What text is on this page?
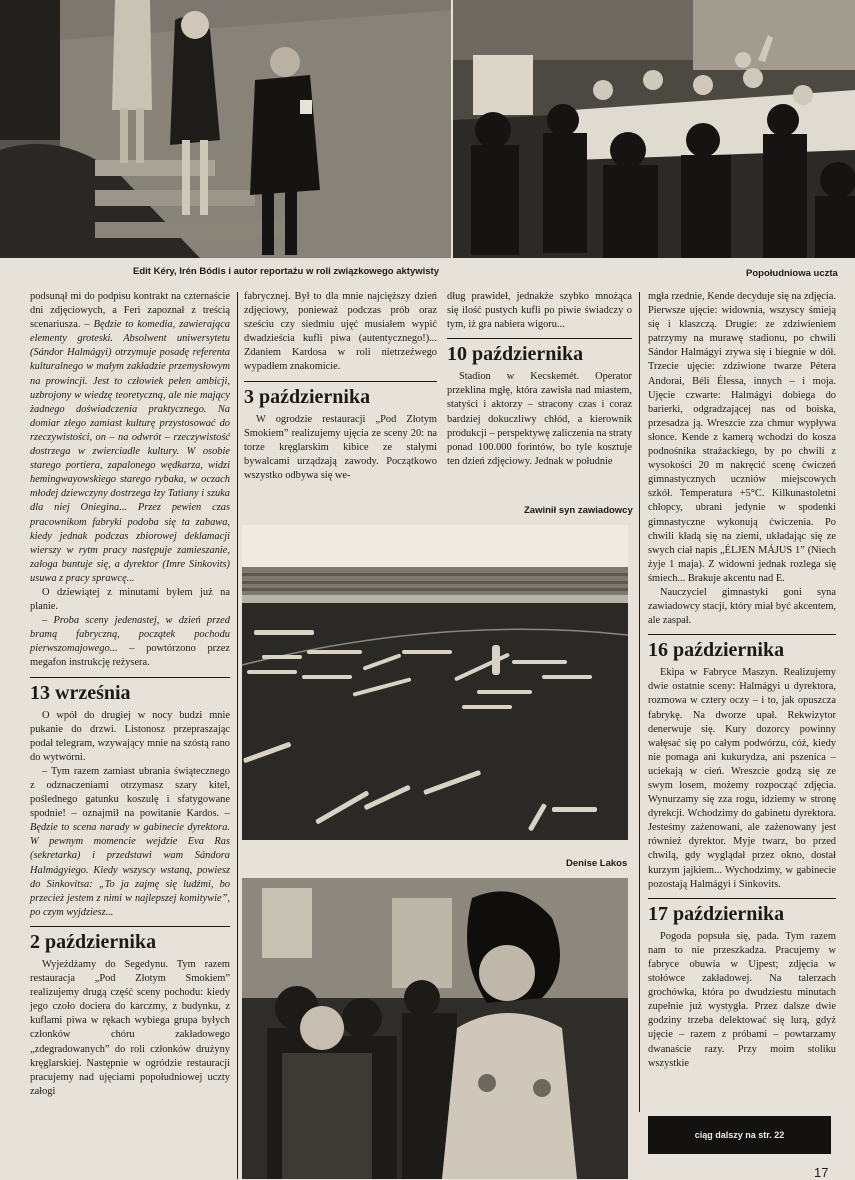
Edit Kéry, Irén Bódis i autor reportażu w roli związkowego aktywisty	Popołudniowa uczta
Zawinił syn zawiadowcy
Denise Lakos

podsunął mi do podpisu kontrakt na czternaście dni zdjęciowych, a Feri zapoznał z treścią scenariusza. – Będzie to komedia, zawierająca elementy groteski. Absolwent uniwersytetu (Sándor Halmágyi) otrzymuje posadę referenta kulturalnego w małym zakładzie przemysłowym na prowincji. Jest to człowiek pełen ambicji, uzbrojony w wiedzę teoretyczną, ale nie mający żadnego doświadczenia praktycznego. Na domiar złego zamiast kulturę przystosować do rzeczywistości, on – na odwrót – rzeczywistość dostrzega w zwierciadle kultury. W osobie starego portiera, zapalonego wędkarza, widzi hemingwayowskiego starego rybaka, w oczach młodej dziewczyny dostrzega łzy Tatiany i szuka dla niej Oniegina... Przez pewien czas pracownikom fabryki podoba się ta zabawa, kiedy jednak podczas zbiorowej deklamacji wierszy w rytm pracy następuje zamieszanie, załoga buntuje się, a dyrektor (Imre Sinkovits) usuwa z pracy sprawcę...

O dziewiątej z minutami byłem już na planie.

– Proba sceny jedenastej, w dzień przed bramą fabryczną, początek pochodu pierwszomajowego... – powtórzono przez megafon instrukcję reżysera.

13 września

O wpół do drugiej w nocy budzi mnie pukanie do drzwi. Listonosz przepraszając podał telegram, wzywający mnie na szóstą rano do wytwórni.

– Tym razem zamiast ubrania świątecznego z odznaczeniami otrzymasz szary kitel, poślednego gatunku koszulę i sfatygowane spodnie! – oznajmił na powitanie Kardos. – Będzie to scena narady w gabinecie dyrektora. W pewnym momencie wejdzie Eva Ras (sekretarka) i przedstawi wam Sándora Halmágyiego. Kiedy wszyscy wstaną, powiesz do Sinkovitsa: „To ja zajmę się ludźmi, bo przecież jestem z nimi w najlepszej komitywie”, po czym wyjdziesz...

2 października

Wyjeżdżamy do Segedynu. Tym razem restauracja „Pod Złotym Smokiem” realizujemy drugą część sceny pochodu: kiedy jego czoło dociera do karczmy, z budynku, z kuflami piwa w rękach wybiega grupa byłych członków chóru zakładowego „zdegradowanych” do roli członków drużyny kręglarskiej. Następnie w ogródzie restauracji pracujemy nad ujęciami popołudniowej uczty załogi

fabrycznej. Był to dla mnie najcięższy dzień zdjęciowy, ponieważ podczas prób oraz sześciu czy siedmiu ujęć musiałem wypić dwadzieścia kufli piwa (autentycznego!)... Zdaniem Kardosa w roli nietrzeźwego wypadłem znakomicie.

3 października

W ogrodzie restauracji „Pod Złotym Smokiem” realizujemy ujęcia ze sceny 20: na torze kręglarskim kibice ze stałymi bywalcami urządzają zawody. Początkowo wszystko odbywa się we-

dług prawideł, jednakże szybko mnożąca się ilość pustych kufli po piwie świadczy o tym, iż gra nabiera wigoru...

10 października

Stadion w Kecskemét. Operator przeklina mgłę, która zawisła nad miastem, statyści i aktorzy – stracony czas i coraz bardziej dokuczliwy chłód, a kierownik produkcji – perspektywę zaliczenia na straty ponad 100.000 forintów, bo tyle kosztuje ten dzień zdjęciowy. Jednak w południe

mgła rzednie, Kende decyduje się na zdjęcia. Pierwsze ujęcie: widownia, wszyscy śmieją się i klaszczą. Drugie: ze zdziwieniem patrzymy na murawę stadionu, po chwili Sándor Halmágyi zrywa się i biegnie w dół. Trzecie ujęcie: zdziwione twarze Pétera Andorai, Béli Élessa, innych – i moja. Ujęcie czwarte: Halmágyi dobiega do barierki, odgradzającej nas od boiska, przesadza ją. Wreszcie zza chmur wypływa słonce. Kende z kamerą wchodzi do kosza podnośnika strażackiego, by po chwili z wysokości 20 m nakręcić scenę ćwiczeń gimnastycznych uczniów miejscowych szkół. Temperatura +5°C. Kilkunastoletni chłopcy, ubrani jedynie w spodenki gimnastyczne wykonują ćwiczenia. Po chwili kładą się na ziemi, układając się ze swych ciał napis „ÉLJEN MÁJUS 1” (Niech żyje 1 maja). Z widowni jednak rozlega się śmiech... Brakuje akcentu nad E.

Nauczyciel gimnastyki goni syna zawiadowcy stacji, który miał być akcentem, ale zaspał.

16 października

Ekipa w Fabryce Maszyn. Realizujemy dwie ostatnie sceny: Halmágyi u dyrektora, rozmowa w cztery oczy – i to, jak opuszcza fabrykę. Na dworze upał. Rekwizytor denerwuje się. Kury dozorcy powinny wałęsać się po całym podwórzu, cóż, kiedy nie pomaga ani kukurydza, ani pszenica – uciekają w cień. Wreszcie godzą się ze swym losem, możemy rozpocząć zdjęcia. Wynurzamy się zza rogu, idziemy w stronę dyrekcji. Wchodzimy do gabinetu dyrektora. Jesteśmy zażenowani, ale zażenowany jest również dyrektor. Myje twarz, bo przed chwilą, gdy wyglądał przez okno, dostał kurzym jajkiem... Wychodzimy, w gabinecie pozostają Halmágyi i Sinkovits.

17 października

Pogoda popsuła się, pada. Tym razem nam to nie przeszkadza. Pracujemy w fabryce obuwia w Ujpest; zdjęcia w stołówce zakładowej. Na talerzach grochówka, która po dwudziestu minutach zupełnie już wystygła. Przez dalsze dwie godziny trzeba delektować się lurą, gdyż ujęcie – razem z próbami – powtarzamy dwanaście razy. Przy moim stoliku wszystkie

ciąg dalszy na str. 22
17
